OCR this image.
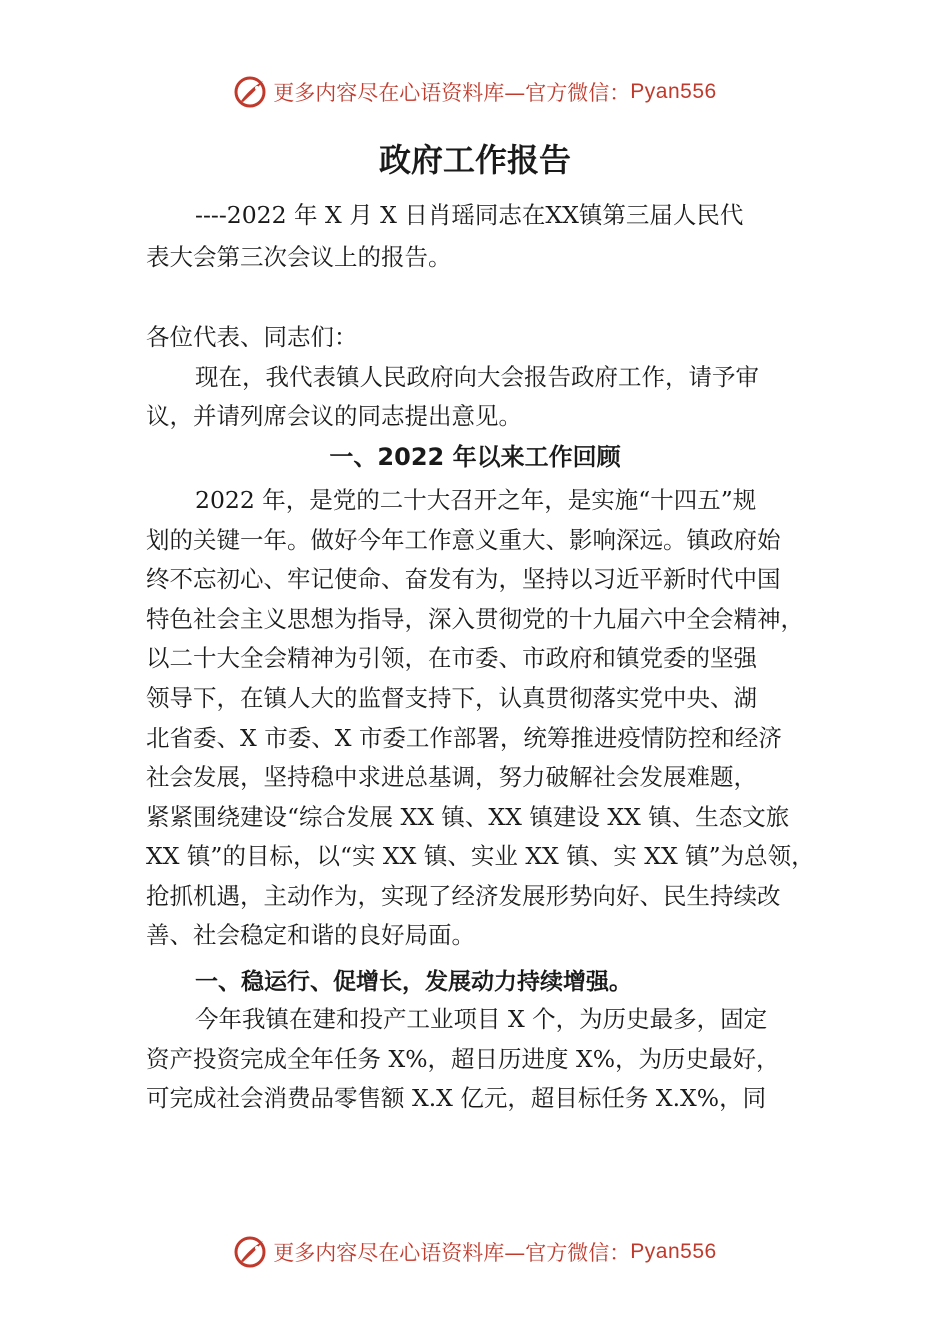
更多内容尽在心语资料库—官方微信： Pyan556
政府工作报告
----2022 年 X 月 X 日肖瑶同志在XX镇第三届人民代
表大会第三次会议上的报告。
各位代表、同志们：
现在，我代表镇人民政府向大会报告政府工作，请予审
议，并请列席会议的同志提出意见。
一、2022 年以来工作回顾
2022 年，是党的二十大召开之年，是实施“十四五”规
划的关键一年。做好今年工作意义重大、影响深远。镇政府始
终不忘初心、牢记使命、奋发有为，坚持以习近平新时代中国
特色社会主义思想为指导，深入贯彻党的十九届六中全会精神，
以二十大全会精神为引领，在市委、市政府和镇党委的坚强
领导下，在镇人大的监督支持下，认真贯彻落实党中央、湖
北省委、X 市委、X 市委工作部署，统筹推进疫情防控和经济
社会发展，坚持稳中求进总基调，努力破解社会发展难题，
紧紧围绕建设“综合发展 XX 镇、XX 镇建设 XX 镇、生态文旅
XX 镇”的目标，以“实 XX 镇、实业 XX 镇、实 XX 镇”为总领，
抢抓机遇，主动作为，实现了经济发展形势向好、民生持续改
善、社会稳定和谐的良好局面。
一、稳运行、促增长，发展动力持续增强。
今年我镇在建和投产工业项目 X 个，为历史最多，固定
资产投资完成全年任务 X%，超日历进度 X%，为历史最好，
可完成社会消费品零售额 X.X 亿元，超目标任务 X.X%，同
更多内容尽在心语资料库—官方微信： Pyan556
